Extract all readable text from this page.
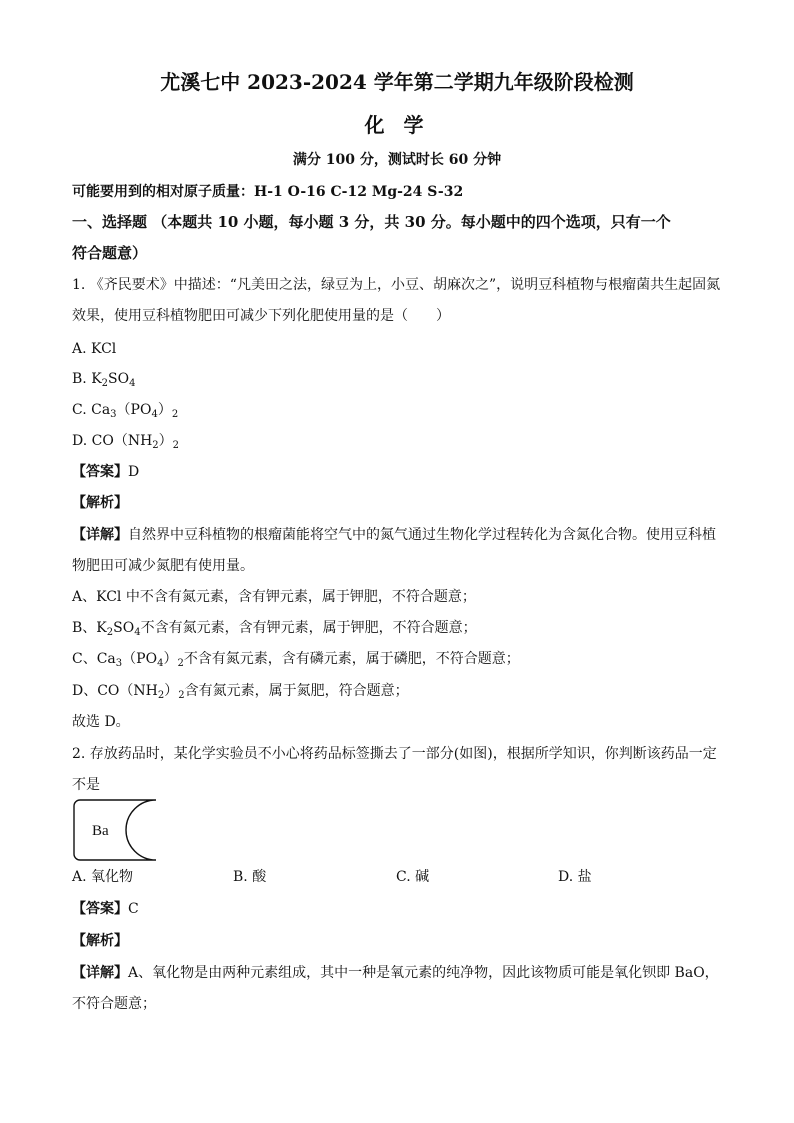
尤溪七中 2023-2024 学年第二学期九年级阶段检测
化 学
满分 100 分，测试时长 60 分钟
可能要用到的相对原子质量：H-1 O-16 C-12 Mg-24 S-32
一、选择题 （本题共 10 小题，每小题 3 分，共 30 分。每小题中的四个选项，只有一个
符合题意）
1. 《齐民要术》中描述：“凡美田之法，绿豆为上，小豆、胡麻次之”，说明豆科植物与根瘤菌共生起固氮
效果，使用豆科植物肥田可减少下列化肥使用量的是（　　）
A. KCl
B. $K_2SO_4$
C. $Ca_3(PO_4)_2$
D. $CO(NH_2)_2$
【答案】D
【解析】
【详解】自然界中豆科植物的根瘤菌能将空气中的氮气通过生物化学过程转化为含氮化合物。使用豆科植
物肥田可减少氮肥有使用量。
A、KCl 中不含有氮元素，含有钾元素，属于钾肥，不符合题意；
B、$K_2SO_4$不含有氮元素，含有钾元素，属于钾肥，不符合题意；
C、$Ca_3(PO_4)_2$不含有氮元素，含有磷元素，属于磷肥，不符合题意；
D、$CO(NH_2)_2$含有氮元素，属于氮肥，符合题意；
故选 D。
2. 存放药品时，某化学实验员不小心将药品标签撕去了一部分(如图)，根据所学知识，你判断该药品一定
不是
Ba
A. 氧化物	B. 酸	C. 碱	D. 盐
【答案】C
【解析】
【详解】A、氧化物是由两种元素组成，其中一种是氧元素的纯净物，因此该物质可能是氧化钡即 BaO，
不符合题意；
